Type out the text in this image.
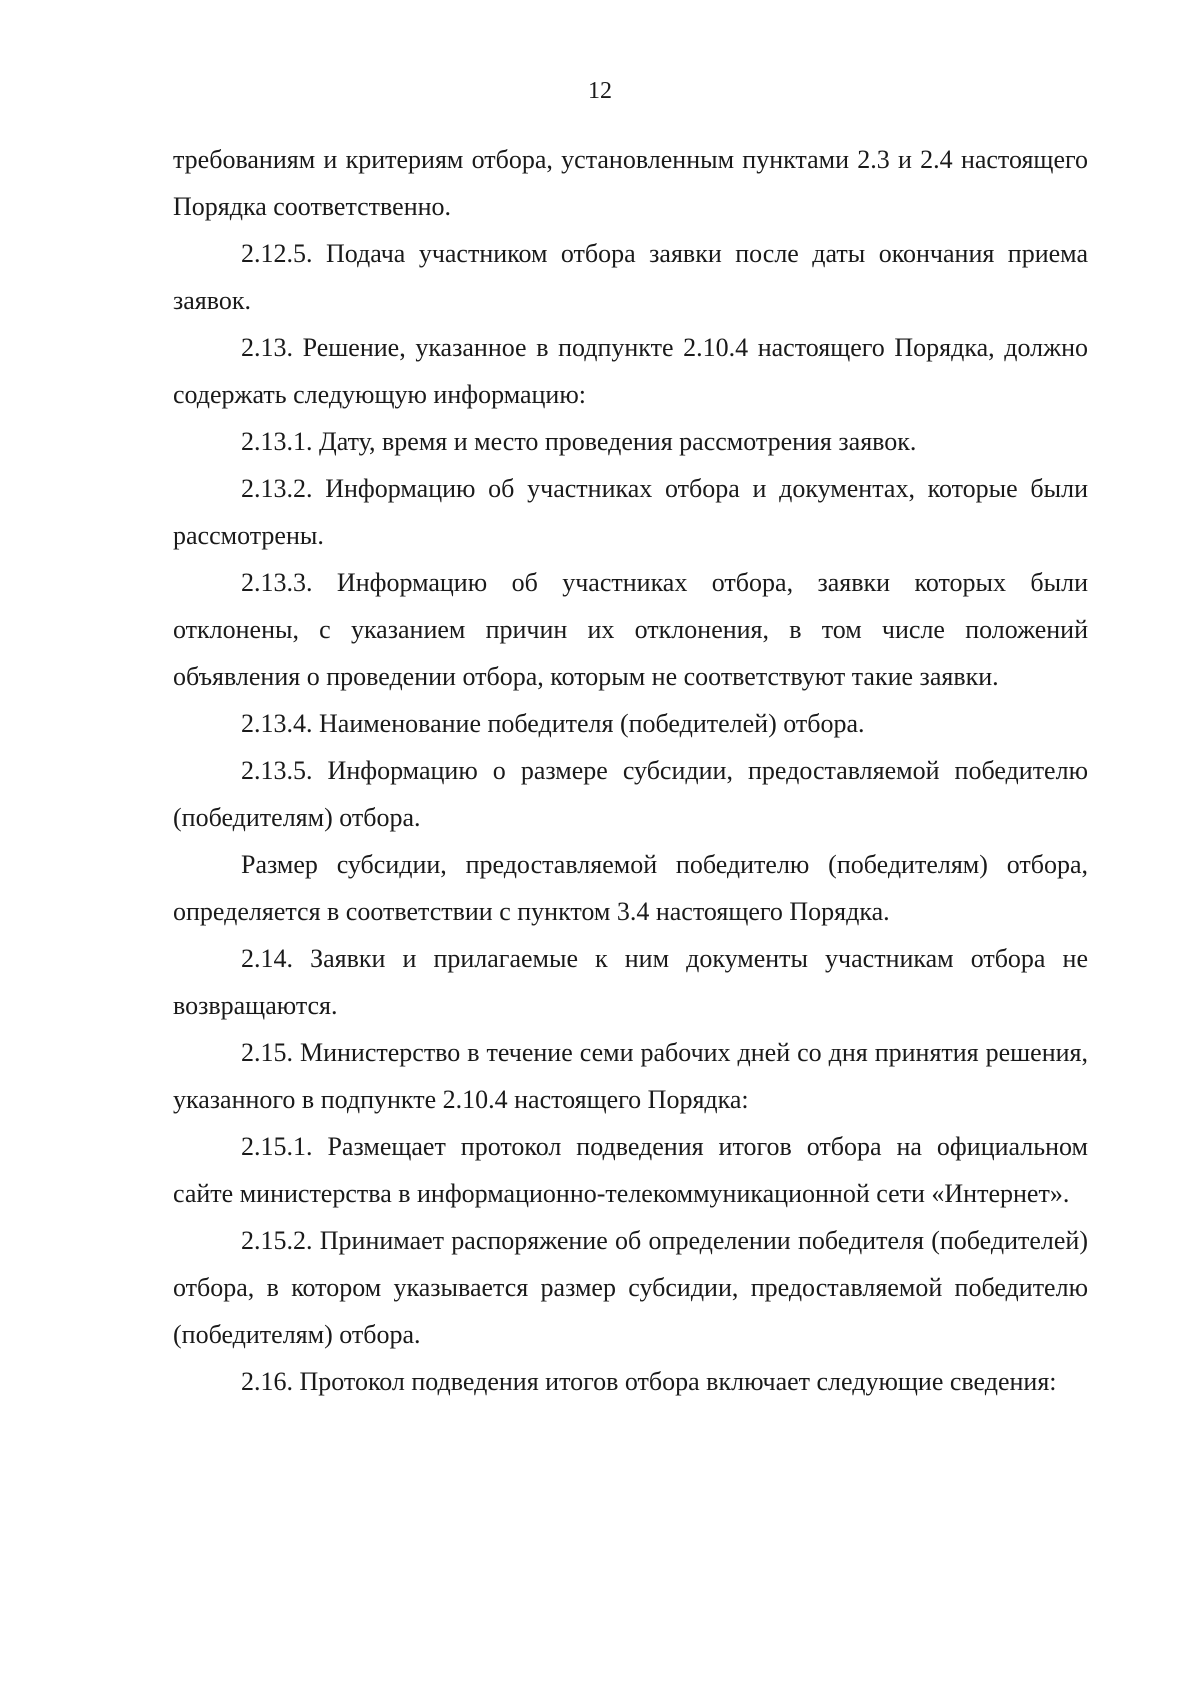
12

требованиям и критериям отбора, установленным пунктами 2.3 и 2.4 настоящего Порядка соответственно.

2.12.5. Подача участником отбора заявки после даты окончания приема заявок.

2.13. Решение, указанное в подпункте 2.10.4 настоящего Порядка, должно содержать следующую информацию:

2.13.1. Дату, время и место проведения рассмотрения заявок.

2.13.2. Информацию об участниках отбора и документах, которые были рассмотрены.

2.13.3. Информацию об участниках отбора, заявки которых были отклонены, с указанием причин их отклонения, в том числе положений объявления о проведении отбора, которым не соответствуют такие заявки.

2.13.4. Наименование победителя (победителей) отбора.

2.13.5. Информацию о размере субсидии, предоставляемой победителю (победителям) отбора.

Размер субсидии, предоставляемой победителю (победителям) отбора, определяется в соответствии с пунктом 3.4 настоящего Порядка.

2.14. Заявки и прилагаемые к ним документы участникам отбора не возвращаются.

2.15. Министерство в течение семи рабочих дней со дня принятия решения, указанного в подпункте 2.10.4 настоящего Порядка:

2.15.1. Размещает протокол подведения итогов отбора на официальном сайте министерства в информационно-телекоммуникационной сети «Интернет».

2.15.2. Принимает распоряжение об определении победителя (победителей) отбора, в котором указывается размер субсидии, предоставляемой победителю (победителям) отбора.

2.16. Протокол подведения итогов отбора включает следующие сведения:
